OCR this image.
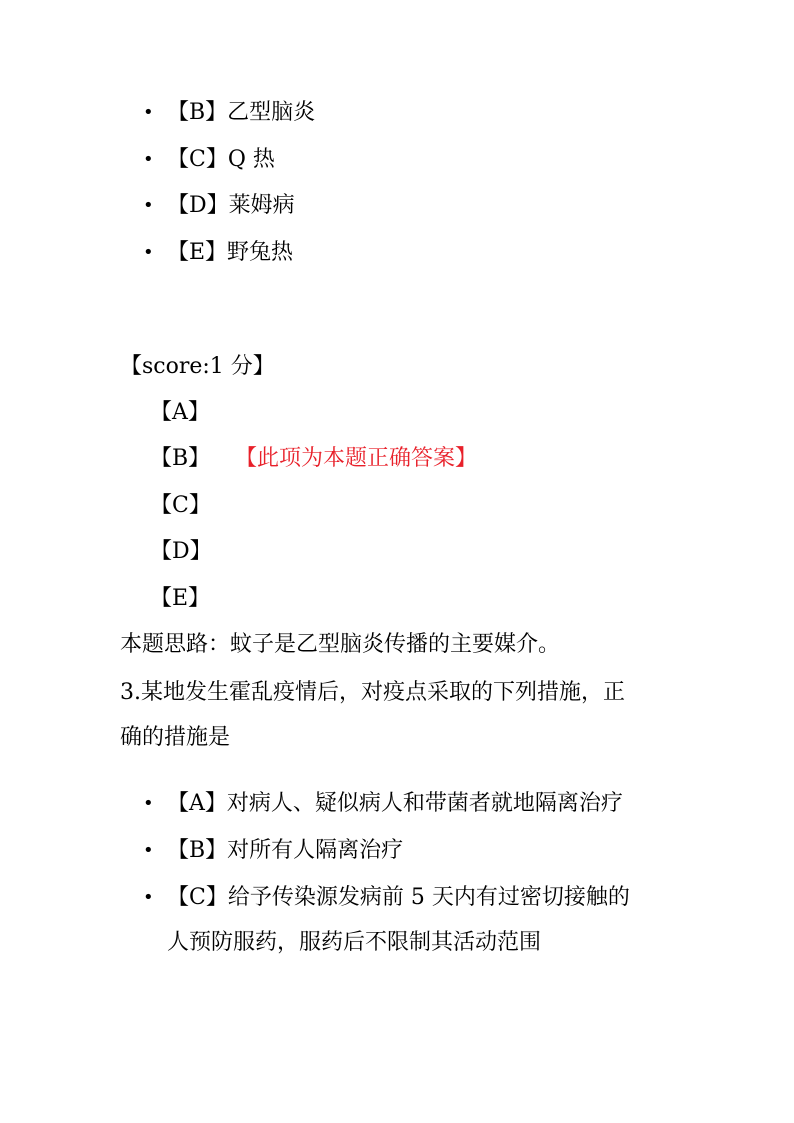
• 【B】乙型脑炎
• 【C】Q 热
• 【D】莱姆病
• 【E】野兔热
【score:1 分】
【A】
【B】 【此项为本题正确答案】
【C】
【D】
【E】
本题思路：蚊子是乙型脑炎传播的主要媒介。
3.某地发生霍乱疫情后，对疫点采取的下列措施，正
确的措施是
• 【A】对病人、疑似病人和带菌者就地隔离治疗
• 【B】对所有人隔离治疗
• 【C】给予传染源发病前 5 天内有过密切接触的
人预防服药，服药后不限制其活动范围
